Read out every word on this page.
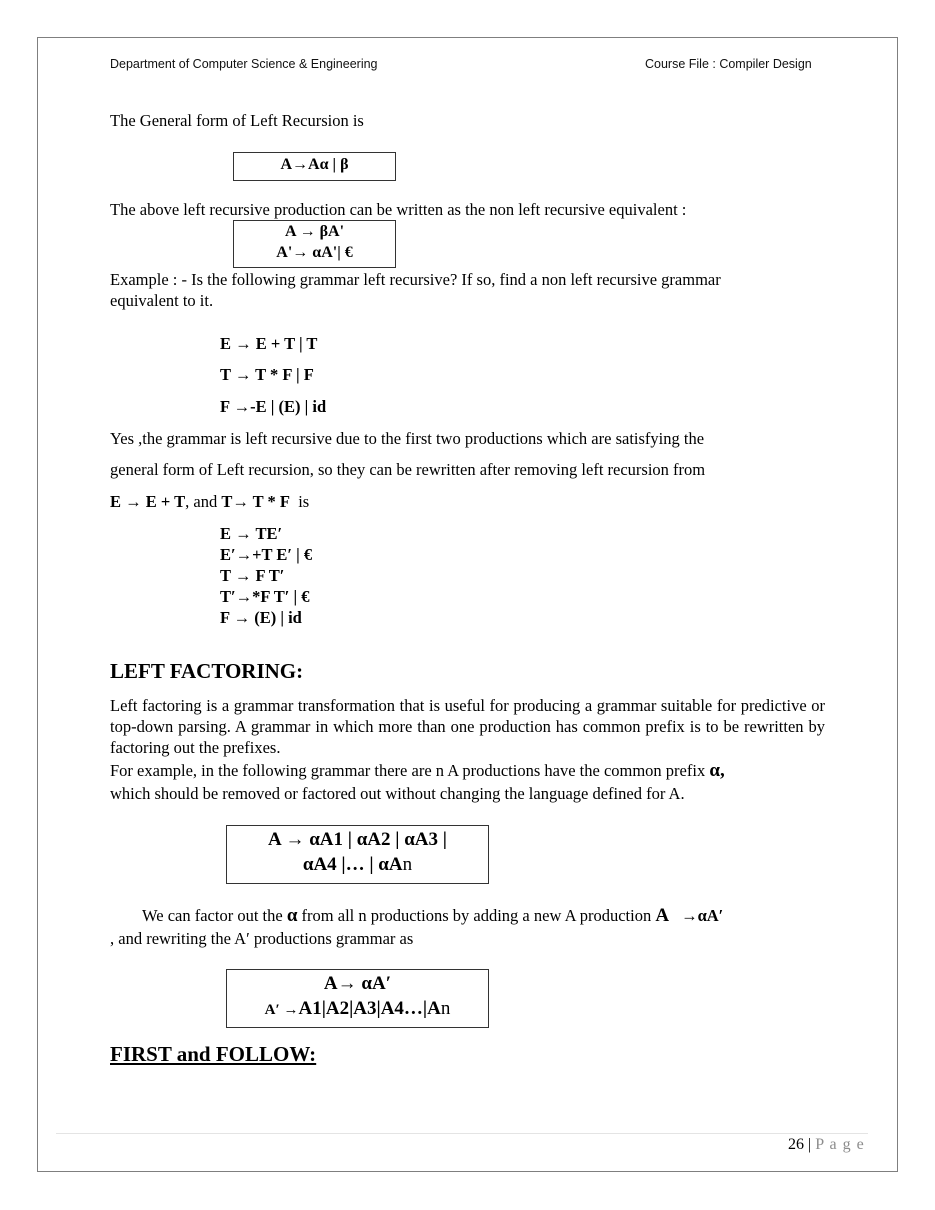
Department of Computer Science & Engineering	Course File : Compiler Design
The General form of Left Recursion is
A→Aα | β
The above left recursive production can be written as the non left recursive equivalent :
A → βA'
A'→ αA'| €
Example : - Is the following grammar left recursive? If so, find a non left recursive grammar
equivalent to it.
E → E + T | T
T → T * F | F
F →-E | (E) | id
Yes ,the grammar is left recursive due to the first two productions which are satisfying the
general form of Left recursion, so they can be rewritten after removing left recursion from
E → E + T, and T→ T * F  is
E → TE′
E′→+T E′ | €
T → F T′
T′→*F T′ | €
F → (E) | id
LEFT FACTORING:
Left factoring is a grammar transformation that is useful for producing a grammar suitable for predictive or top-down parsing. A grammar in which more than one production has common prefix is to be rewritten by factoring out the prefixes.
For example, in the following grammar there are n A productions have the common prefix α,
which should be removed or factored out without changing the language defined for A.
A → αA1 | αA2 | αA3 |
αA4 |… | αAn
We can factor out the α from all n productions by adding a new A production A →αA′
, and rewriting the A′ productions grammar as
A→ αA′
A′ →A1|A2|A3|A4…|An
FIRST and FOLLOW:
26 | P a g e
